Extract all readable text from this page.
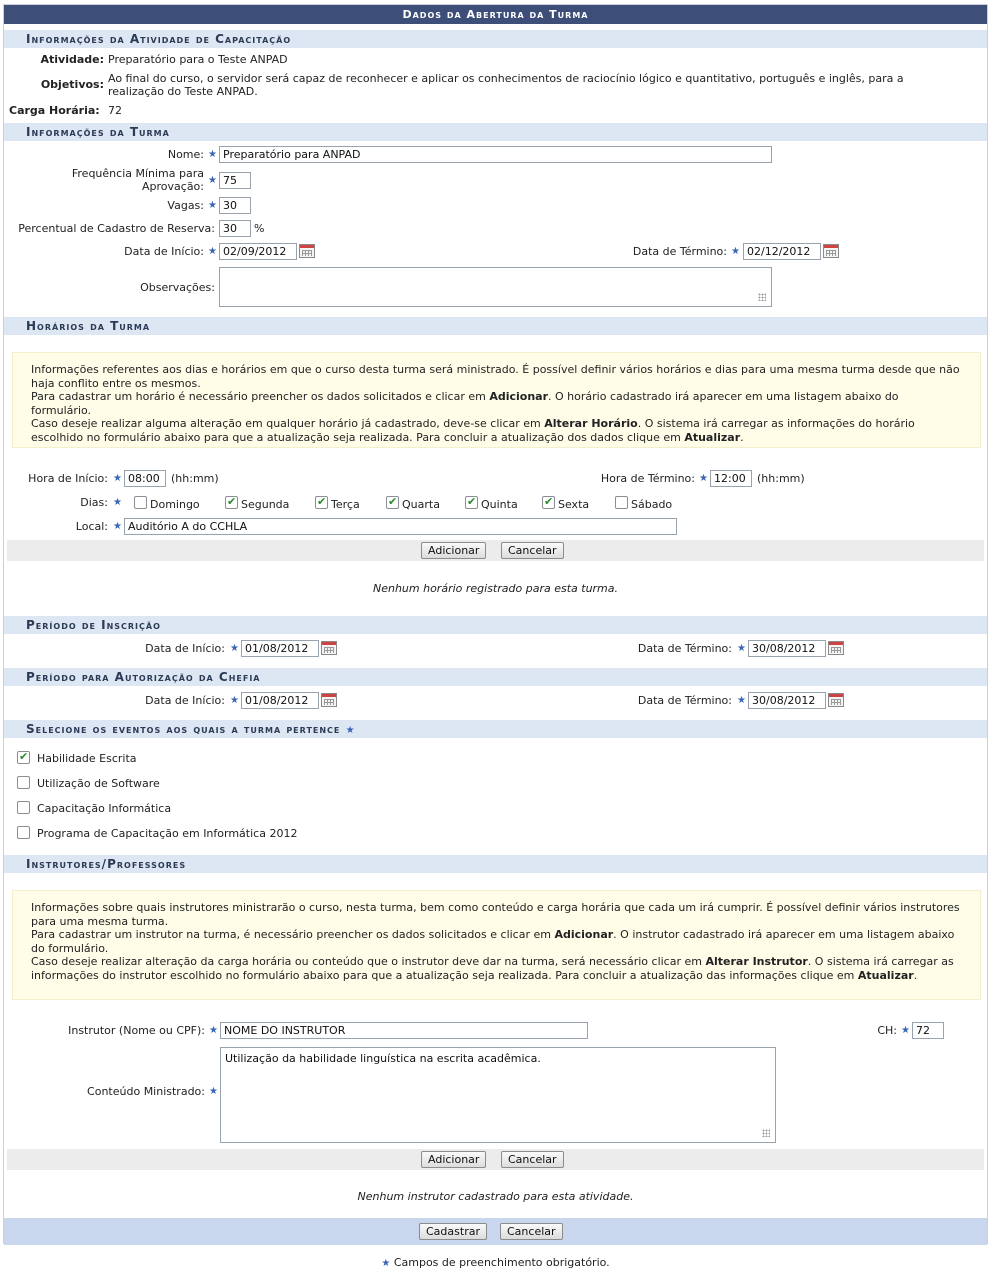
Dados da Abertura da Turma
Informações da Atividade de Capacitação
Atividade: Preparatório para o Teste ANPAD
Objetivos: Ao final do curso, o servidor será capaz de reconhecer e aplicar os conhecimentos de raciocínio lógico e quantitativo, português e inglês, para a
realização do Teste ANPAD.
Carga Horária: 72
Informações da Turma
Nome: ★
Preparatório para ANPAD
Frequência Mínima para
Aprovação: ★
75
Vagas: ★
30
Percentual de Cadastro de Reserva:
30	%
Data de Início: ★
02/09/2012	Data de Término: ★
02/12/2012
Observações:
Horários da Turma
Informações referentes aos dias e horários em que o curso desta turma será ministrado. É possível definir vários horários e dias para uma mesma turma desde que não haja conflito entre os mesmos.
Para cadastrar um horário é necessário preencher os dados solicitados e clicar em Adicionar. O horário cadastrado irá aparecer em uma listagem abaixo do formulário.
Caso deseje realizar alguma alteração em qualquer horário já cadastrado, deve-se clicar em Alterar Horário. O sistema irá carregar as informações do horário escolhido no formulário abaixo para que a atualização seja realizada. Para concluir a atualização dos dados clique em Atualizar.
Hora de Início: ★
08:00	(hh:mm)	Hora de Término: ★
12:00	(hh:mm)
Dias: ★	Domingo ✔	Segunda ✔	Terça ✔	Quarta ✔	Quinta ✔	Sexta	Sábado
Local: ★
Auditório A do CCHLA
Adicionar	Cancelar
Nenhum horário registrado para esta turma.
Período de Inscrição
Data de Início: ★
01/08/2012	Data de Término: ★
30/08/2012
Período para Autorização da Chefia
Data de Início: ★
01/08/2012	Data de Término: ★
30/08/2012
Selecione os eventos aos quais a turma pertence ★
✔
Habilidade Escrita
Utilização de Software
Capacitação Informática
Programa de Capacitação em Informática 2012
Instrutores/Professores
Informações sobre quais instrutores ministrarão o curso, nesta turma, bem como conteúdo e carga horária que cada um irá cumprir. É possível definir vários instrutores para uma mesma turma.
Para cadastrar um instrutor na turma, é necessário preencher os dados solicitados e clicar em Adicionar. O instrutor cadastrado irá aparecer em uma listagem abaixo do formulário.
Caso deseje realizar alteração da carga horária ou conteúdo que o instrutor deve dar na turma, será necessário clicar em Alterar Instrutor. O sistema irá carregar as informações do instrutor escolhido no formulário abaixo para que a atualização seja realizada. Para concluir a atualização das informações clique em Atualizar.
Instrutor (Nome ou CPF): ★
NOME DO INSTRUTOR	CH: ★
72
Conteúdo Ministrado: ★
Utilização da habilidade linguística na escrita acadêmica.
Adicionar	Cancelar
Nenhum instrutor cadastrado para esta atividade.
Cadastrar	Cancelar
★ Campos de preenchimento obrigatório.
